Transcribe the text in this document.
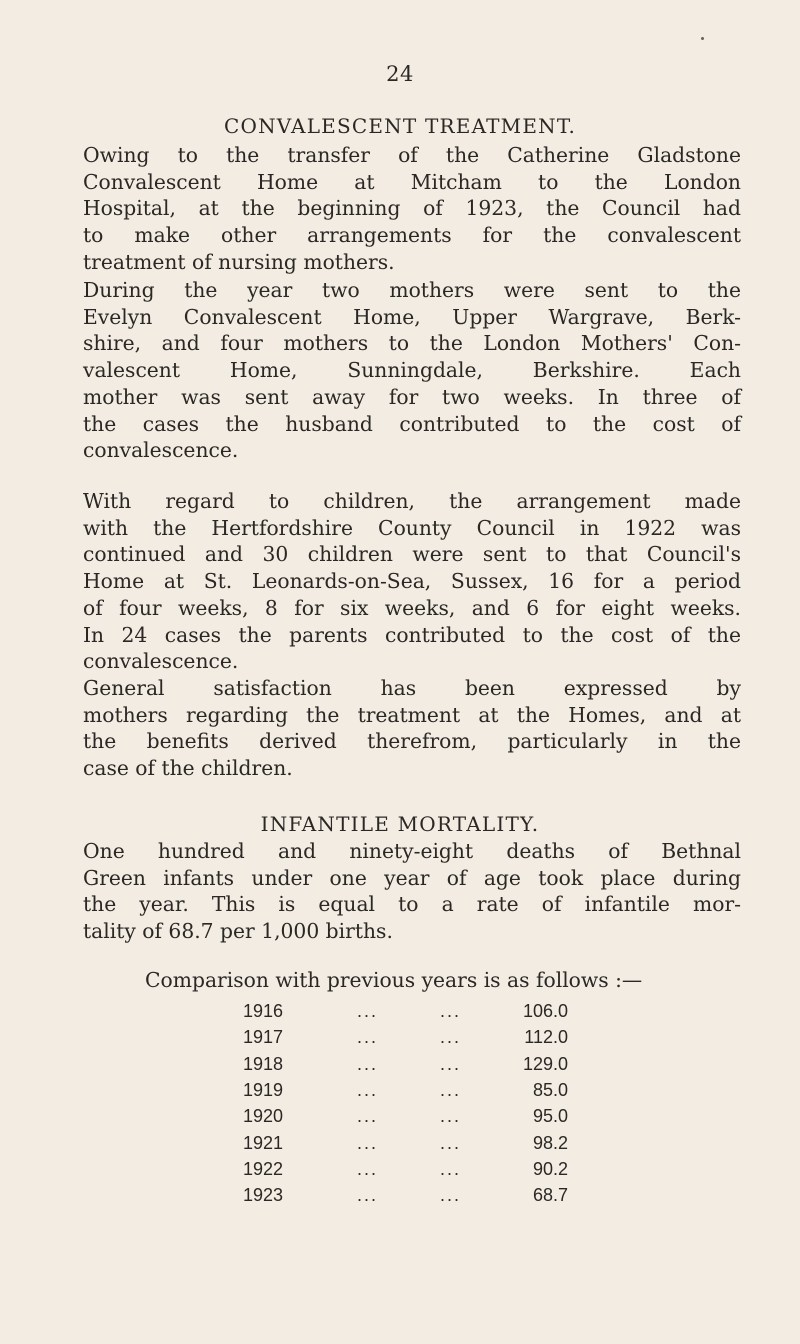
24
CONVALESCENT TREATMENT.
Owing to the transfer of the Catherine Gladstone
Convalescent Home at Mitcham to the London
Hospital, at the beginning of 1923, the Council had
to make other arrangements for the convalescent
treatment of nursing mothers.
During the year two mothers were sent to the
Evelyn Convalescent Home, Upper Wargrave, Berk-
shire, and four mothers to the London Mothers' Con-
valescent Home, Sunningdale, Berkshire. Each
mother was sent away for two weeks. In three of
the cases the husband contributed to the cost of
convalescence.
With regard to children, the arrangement made
with the Hertfordshire County Council in 1922 was
continued and 30 children were sent to that Council's
Home at St. Leonards-on-Sea, Sussex, 16 for a period
of four weeks, 8 for six weeks, and 6 for eight weeks.
In 24 cases the parents contributed to the cost of the
convalescence.
General satisfaction has been expressed by
mothers regarding the treatment at the Homes, and at
the benefits derived therefrom, particularly in the
case of the children.
INFANTILE MORTALITY.
One hundred and ninety-eight deaths of Bethnal
Green infants under one year of age took place during
the year. This is equal to a rate of infantile mor-
tality of 68.7 per 1,000 births.
Comparison with previous years is as follows :—
1916	...	...	106.0
1917	...	...	112.0
1918	...	...	129.0
1919	...	...	85.0
1920	...	...	95.0
1921	...	...	98.2
1922	...	...	90.2
1923	...	...	68.7
